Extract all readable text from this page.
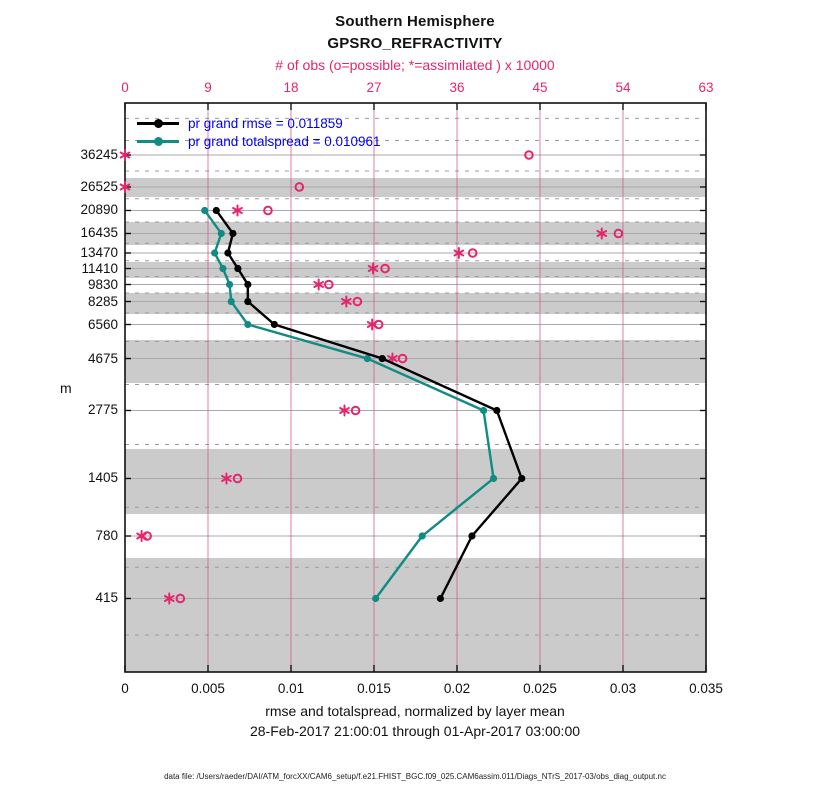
Southern Hemisphere
GPSRO_REFRACTIVITY
# of obs (o=possible; *=assimilated ) x 10000
0	9	18	27	36	45	54	63
0	0.005	0.01	0.015	0.02	0.025	0.03	0.035
36245
26525
20890
16435
13470
11410
9830
8285
6560
4675
2775
1405
780
415
m
pr grand rmse = 0.011859
pr grand totalspread = 0.010961
rmse and totalspread, normalized by layer mean
28-Feb-2017 21:00:01 through 01-Apr-2017 03:00:00
data file: /Users/raeder/DAI/ATM_forcXX/CAM6_setup/f.e21.FHIST_BGC.f09_025.CAM6assim.011/Diags_NTrS_2017-03/obs_diag_output.nc
